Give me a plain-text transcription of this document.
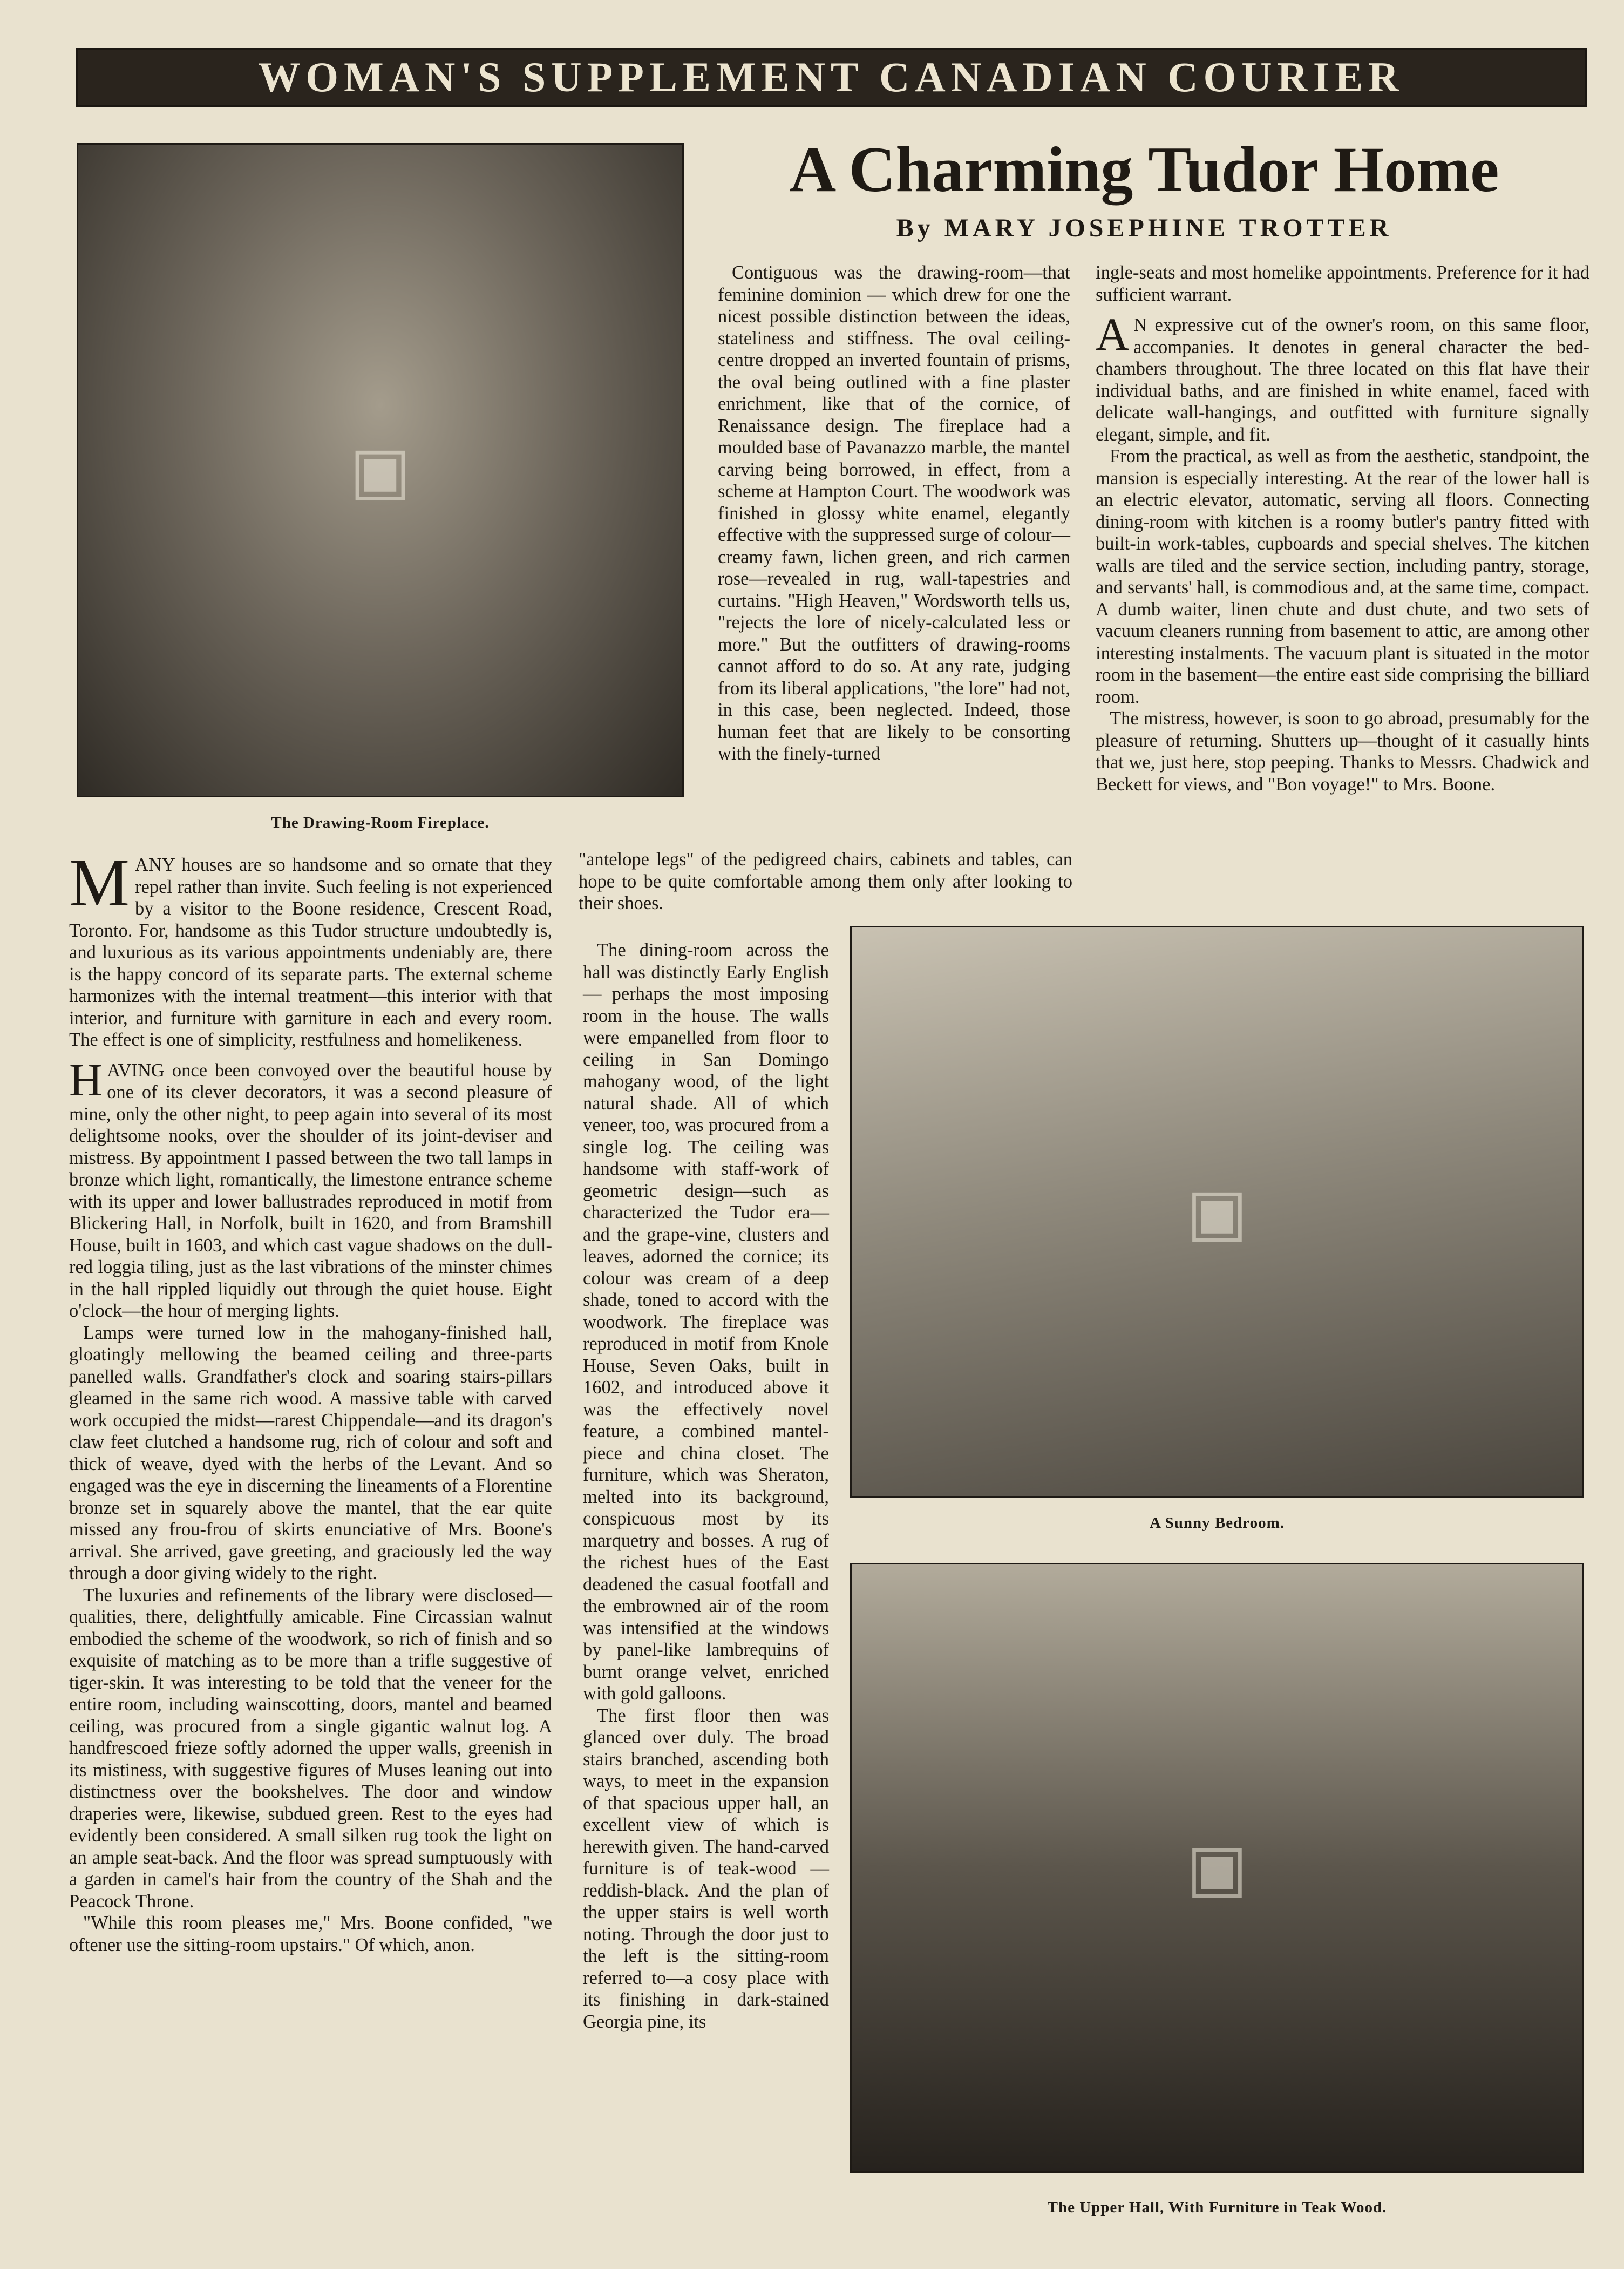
WOMAN'S SUPPLEMENT CANADIAN COURIER
▣
The Drawing-Room Fireplace.
A Charming Tudor Home
By MARY JOSEPHINE TROTTER

MANY houses are so handsome and so ornate that they repel rather than invite. Such feeling is not experienced by a visitor to the Boone residence, Crescent Road, Toronto. For, handsome as this Tudor structure undoubtedly is, and luxurious as its various appointments undeniably are, there is the happy concord of its separate parts. The external scheme harmonizes with the internal treatment—this interior with that interior, and furniture with garniture in each and every room. The effect is one of simplicity, restfulness and homelikeness.

HAVING once been convoyed over the beautiful house by one of its clever decorators, it was a second pleasure of mine, only the other night, to peep again into several of its most delightsome nooks, over the shoulder of its joint-deviser and mistress. By appointment I passed between the two tall lamps in bronze which light, romantically, the limestone entrance scheme with its upper and lower ballustrades reproduced in motif from Blickering Hall, in Norfolk, built in 1620, and from Bramshill House, built in 1603, and which cast vague shadows on the dull-red loggia tiling, just as the last vibrations of the minster chimes in the hall rippled liquidly out through the quiet house. Eight o'clock—the hour of merging lights.

Lamps were turned low in the mahogany-finished hall, gloatingly mellowing the beamed ceiling and three-parts panelled walls. Grandfather's clock and soaring stairs-pillars gleamed in the same rich wood. A massive table with carved work occupied the midst—rarest Chippendale—and its dragon's claw feet clutched a handsome rug, rich of colour and soft and thick of weave, dyed with the herbs of the Levant. And so engaged was the eye in discerning the lineaments of a Florentine bronze set in squarely above the mantel, that the ear quite missed any frou-frou of skirts enunciative of Mrs. Boone's arrival. She arrived, gave greeting, and graciously led the way through a door giving widely to the right.

The luxuries and refinements of the library were disclosed—qualities, there, delightfully amicable. Fine Circassian walnut embodied the scheme of the woodwork, so rich of finish and so exquisite of matching as to be more than a trifle suggestive of tiger-skin. It was interesting to be told that the veneer for the entire room, including wainscotting, doors, mantel and beamed ceiling, was procured from a single gigantic walnut log. A handfrescoed frieze softly adorned the upper walls, greenish in its mistiness, with suggestive figures of Muses leaning out into distinctness over the bookshelves. The door and window draperies were, likewise, subdued green. Rest to the eyes had evidently been considered. A small silken rug took the light on an ample seat-back. And the floor was spread sumptuously with a garden in camel's hair from the country of the Shah and the Peacock Throne.

"While this room pleases me," Mrs. Boone confided, "we oftener use the sitting-room upstairs." Of which, anon.

Contiguous was the drawing-room—that feminine dominion — which drew for one the nicest possible distinction between the ideas, stateliness and stiffness. The oval ceiling-centre dropped an inverted fountain of prisms, the oval being outlined with a fine plaster enrichment, like that of the cornice, of Renaissance design. The fireplace had a moulded base of Pavanazzo marble, the mantel carving being borrowed, in effect, from a scheme at Hampton Court. The woodwork was finished in glossy white enamel, elegantly effective with the suppressed surge of colour—creamy fawn, lichen green, and rich carmen rose—revealed in rug, wall-tapestries and curtains. "High Heaven," Wordsworth tells us, "rejects the lore of nicely-calculated less or more." But the outfitters of drawing-rooms cannot afford to do so. At any rate, judging from its liberal applications, "the lore" had not, in this case, been neglected. Indeed, those human feet that are likely to be consorting with the finely-turned

"antelope legs" of the pedigreed chairs, cabinets and tables, can hope to be quite comfortable among them only after looking to their shoes.

The dining-room across the hall was distinctly Early English — perhaps the most imposing room in the house. The walls were empanelled from floor to ceiling in San Domingo mahogany wood, of the light natural shade. All of which veneer, too, was procured from a single log. The ceiling was handsome with staff-work of geometric design—such as characterized the Tudor era—and the grape-vine, clusters and leaves, adorned the cornice; its colour was cream of a deep shade, toned to accord with the woodwork. The fireplace was reproduced in motif from Knole House, Seven Oaks, built in 1602, and introduced above it was the effectively novel feature, a combined mantel-piece and china closet. The furniture, which was Sheraton, melted into its background, conspicuous most by its marquetry and bosses. A rug of the richest hues of the East deadened the casual footfall and the embrowned air of the room was intensified at the windows by panel-like lambrequins of burnt orange velvet, enriched with gold galloons.

The first floor then was glanced over duly. The broad stairs branched, ascending both ways, to meet in the expansion of that spacious upper hall, an excellent view of which is herewith given. The hand-carved furniture is of teak-wood — reddish-black. And the plan of the upper stairs is well worth noting. Through the door just to the left is the sitting-room referred to—a cosy place with its finishing in dark-stained Georgia pine, its

ingle-seats and most homelike appointments. Preference for it had sufficient warrant.

A N expressive cut of the owner's room, on this same floor, accompanies. It denotes in general character the bed-chambers throughout. The three located on this flat have their individual baths, and are finished in white enamel, faced with delicate wall-hangings, and outfitted with furniture signally elegant, simple, and fit.

From the practical, as well as from the aesthetic, standpoint, the mansion is especially interesting. At the rear of the lower hall is an electric elevator, automatic, serving all floors. Connecting dining-room with kitchen is a roomy butler's pantry fitted with built-in work-tables, cupboards and special shelves. The kitchen walls are tiled and the service section, including pantry, storage, and servants' hall, is commodious and, at the same time, compact. A dumb waiter, linen chute and dust chute, and two sets of vacuum cleaners running from basement to attic, are among other interesting instalments. The vacuum plant is situated in the motor room in the basement—the entire east side comprising the billiard room.

The mistress, however, is soon to go abroad, presumably for the pleasure of returning. Shutters up—thought of it casually hints that we, just here, stop peeping. Thanks to Messrs. Chadwick and Beckett for views, and "Bon voyage!" to Mrs. Boone.

▣
A Sunny Bedroom.
▣
The Upper Hall, With Furniture in Teak Wood.
